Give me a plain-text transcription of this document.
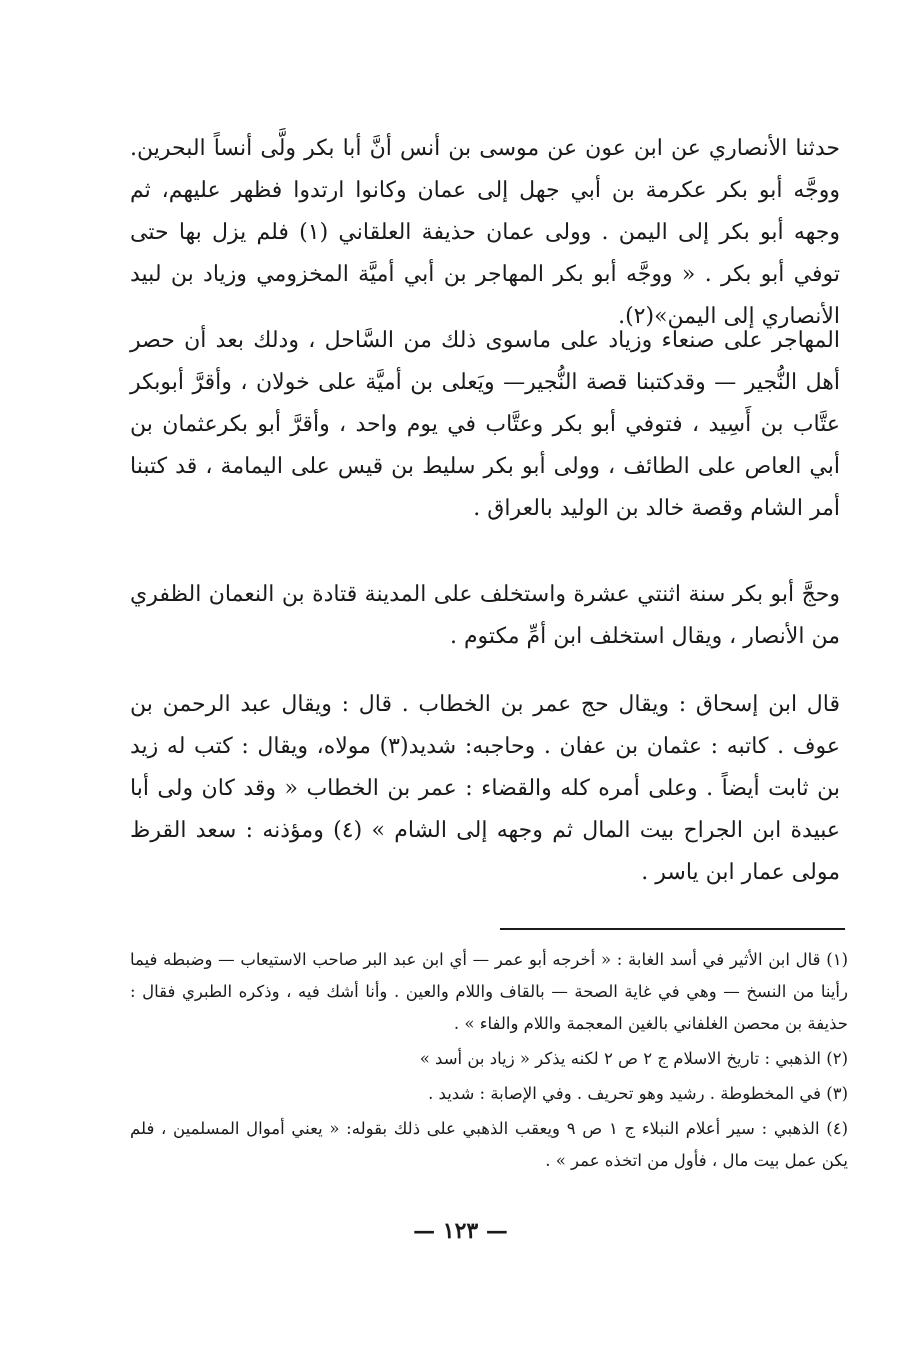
حدثنا الأنصاري عن ابن عون عن موسى بن أنس أنَّ أبا بكر ولَّى أنساً البحرين. ووجَّه أبو بكر عكرمة بن أبي جهل إلى عمان وكانوا ارتدوا فظهر عليهم، ثم وجهه أبو بكر إلى اليمن . وولى عمان حذيفة العلقاني (١) فلم يزل بها حتى توفي أبو بكر . « ووجَّه أبو بكر المهاجر بن أبي أميَّة المخزومي وزياد بن لبيد الأنصاري إلى اليمن»(٢).

المهاجر على صنعاء وزياد على ماسوى ذلك من السَّاحل ، ودلك بعد أن حصر أهل النُّجير — وقدكتبنا قصة النُّجير— ويَعلى بن أميَّة على خولان ، وأقرَّ أبوبكر عتَّاب بن أَسِيد ، فتوفي أبو بكر وعتَّاب في يوم واحد ، وأقرَّ أبو بكرعثمان بن أبي العاص على الطائف ، وولى أبو بكر سليط بن قيس على اليمامة ، قد كتبنا أمر الشام وقصة خالد بن الوليد بالعراق .

وحجَّ أبو بكر سنة اثنتي عشرة واستخلف على المدينة قتادة بن النعمان الظفري من الأنصار ، ويقال استخلف ابن أمِّ مكتوم .

قال ابن إسحاق : ويقال حج عمر بن الخطاب . قال : ويقال عبد الرحمن بن عوف . كاتبه : عثمان بن عفان . وحاجبه: شديد(٣) مولاه، ويقال : كتب له زيد بن ثابت أيضاً . وعلى أمره كله والقضاء : عمر بن الخطاب « وقد كان ولى أبا عبيدة ابن الجراح بيت المال ثم وجهه إلى الشام » (٤) ومؤذنه : سعد القرظ مولى عمار ابن ياسر .

(١) قال ابن الأثير في أسد الغابة : « أخرجه أبو عمر — أي ابن عبد البر صاحب الاستيعاب — وضبطه فيما رأينا من النسخ — وهي في غاية الصحة — بالقاف واللام والعين . وأنا أشك فيه ، وذكره الطبري فقال : حذيفة بن محصن الغلفاني بالغين المعجمة واللام والفاء » .

(٢) الذهبي : تاريخ الاسلام ج ٢ ص ٢ لكنه يذكر « زياد بن أسد »

(٣) في المخطوطة . رشيد وهو تحريف . وفي الإصابة : شديد .

(٤) الذهبي : سير أعلام النبلاء ج ١ ص ٩ ويعقب الذهبي على ذلك بقوله: « يعني أموال المسلمين ، فلم يكن عمل بيت مال ، فأول من اتخذه عمر » .

— ١٢٣ —
